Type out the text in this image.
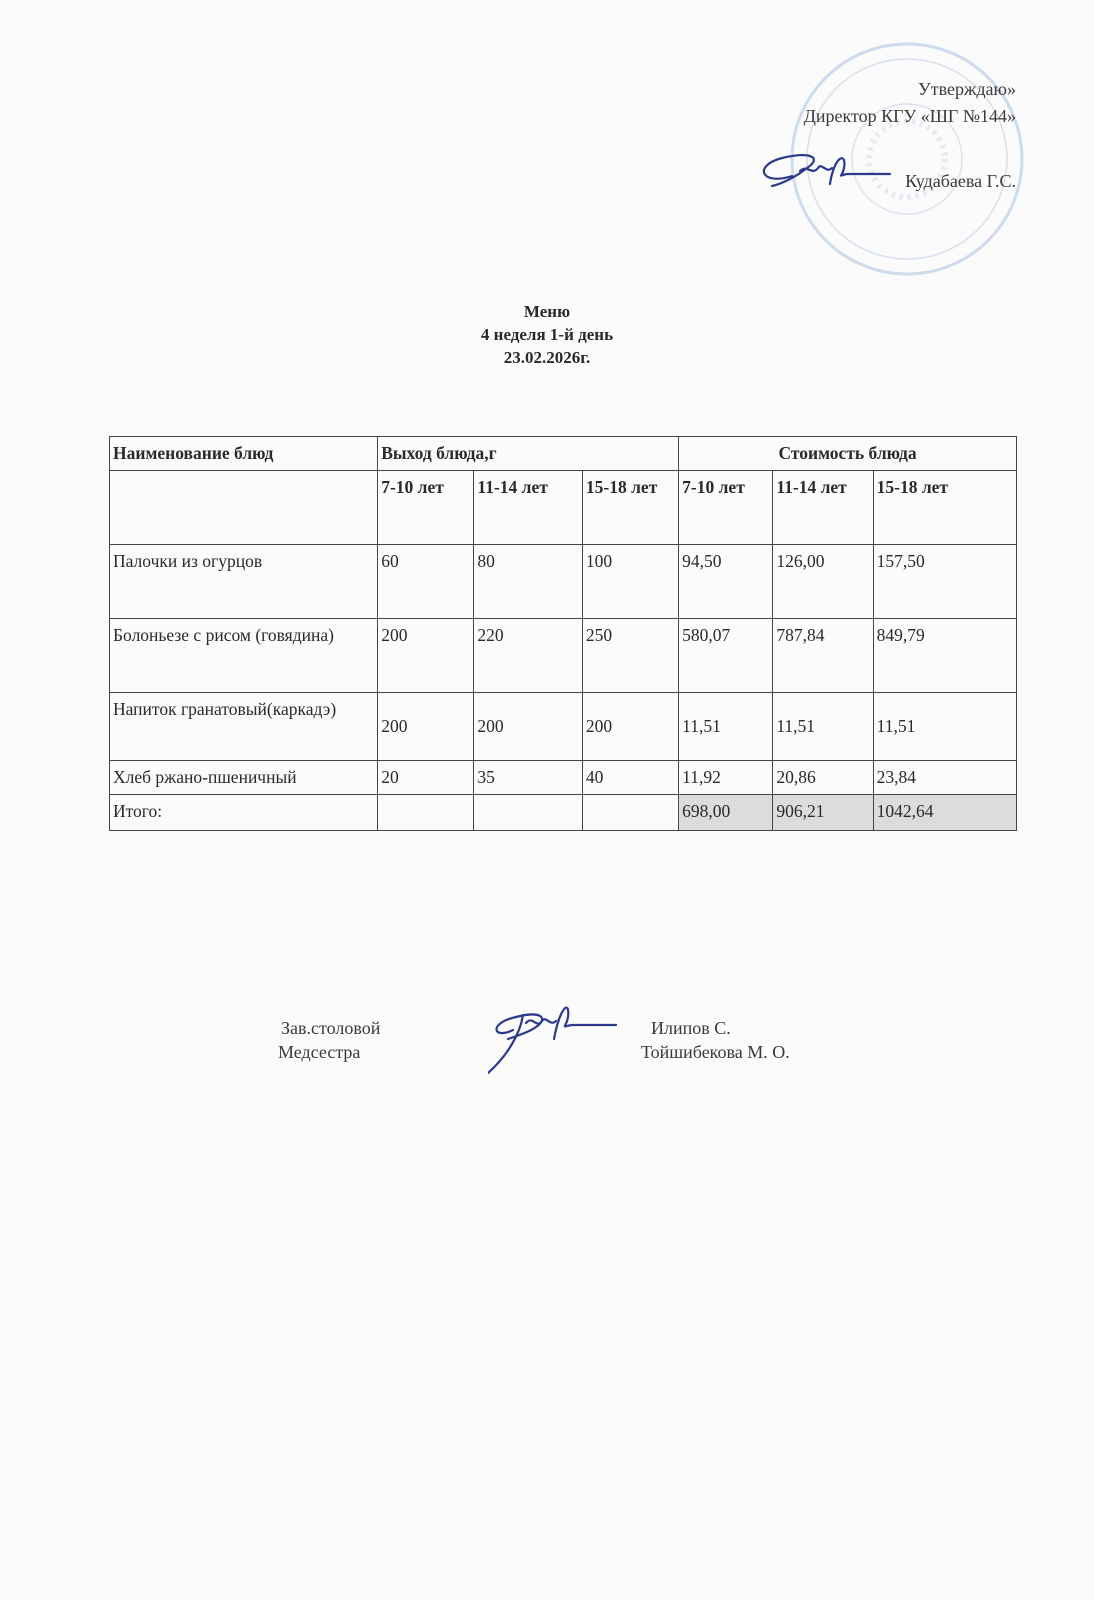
Утверждаю»
Директор КГУ «ШГ №144»
Кудабаева Г.С.
Меню
4 неделя 1-й день
23.02.2026г.
Наименование блюд	Выход блюда,г			Стоимость блюда		
	7-10 лет	11-14 лет	15-18 лет	7-10 лет	11-14 лет	15-18 лет
Палочки из огурцов	60	80	100	94,50	126,00	157,50
Болоньезе с рисом (говядина)	200	220	250	580,07	787,84	849,79
Напиток гранатовый(каркадэ)	200	200	200	11,51	11,51	11,51
Хлеб ржано-пшеничный	20	35	40	11,92	20,86	23,84
Итого:				698,00	906,21	1042,64
Зав.столовой
Медсестра
Илипов С.
Тойшибекова М. О.
